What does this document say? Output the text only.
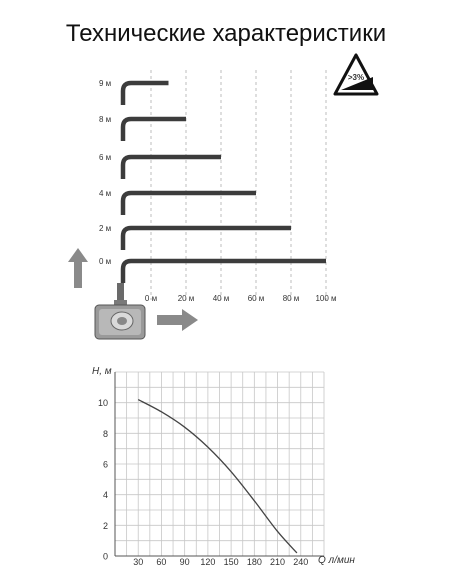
Технические характеристики
9 м
8 м
6 м
4 м
2 м
0 м
0 м	20 м 40 м 60 м 80 м 100 м
>3%
0
2
4
6
8
10
30 60 90 120 150 180 210 240
H, м
Q л/мин
